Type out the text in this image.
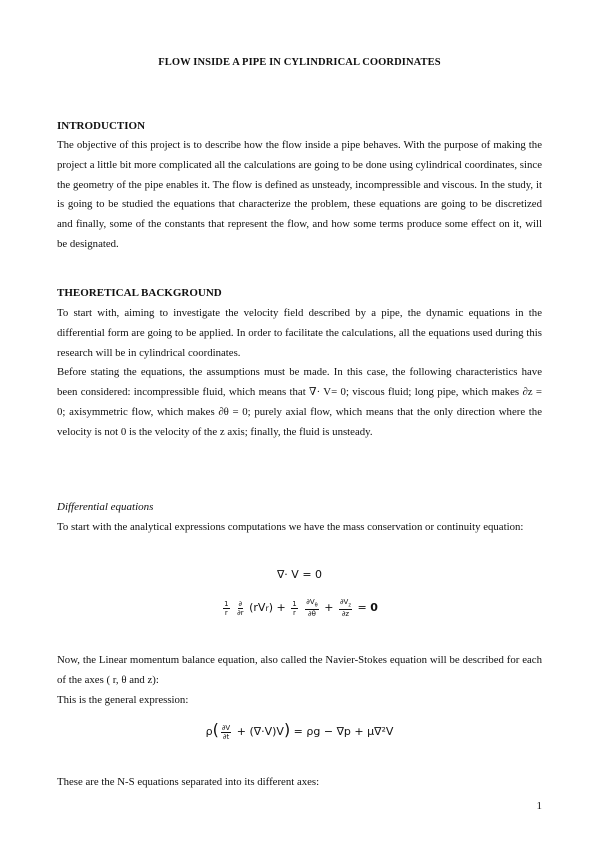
FLOW INSIDE A PIPE IN CYLINDRICAL COORDINATES
INTRODUCTION

The objective of this project is to describe how the flow inside a pipe behaves. With the purpose of making the project a little bit more complicated all the calculations are going to be done using cylindrical coordinates, since the geometry of the pipe enables it. The flow is defined as unsteady, incompressible and viscous. In the study, it is going to be studied the equations that characterize the problem, these equations are going to be discretized and finally, some of the constants that represent the flow, and how some terms produce some effect on it, will be designated.

THEORETICAL BACKGROUND

To start with, aiming to investigate the velocity field described by a pipe, the dynamic equations in the differential form are going to be applied. In order to facilitate the calculations, all the equations used during this research will be in cylindrical coordinates.

Before stating the equations, the assumptions must be made. In this case, the following characteristics have been considered: incompressible fluid, which means that ∇· V= 0; viscous fluid; long pipe, which makes ∂z = 0; axisymmetric flow, which makes ∂θ = 0; purely axial flow, which means that the only direction where the velocity is not 0 is the velocity of the z axis; finally, the fluid is unsteady.

Differential equations

To start with the analytical expressions computations we have the mass conservation or continuity equation:

∇· V = 0
$\frac{1}{r}$
$\frac{\partial}{\partial r} (rVr) + \frac{1}{r}$
$\frac{\partial V_\theta}{\partial\theta} + \frac{\partial V_z}{\partial z} = 0$

Now, the Linear momentum balance equation, also called the Navier-Stokes equation will be described for each of the axes ( r, θ and z):

This is the general expression:

$\rho( \frac{\partial V}{\partial t} + (\nabla\cdot V)V) = \rho g - \nabla p + \mu\nabla^2V$

These are the N-S equations separated into its different axes:

1
